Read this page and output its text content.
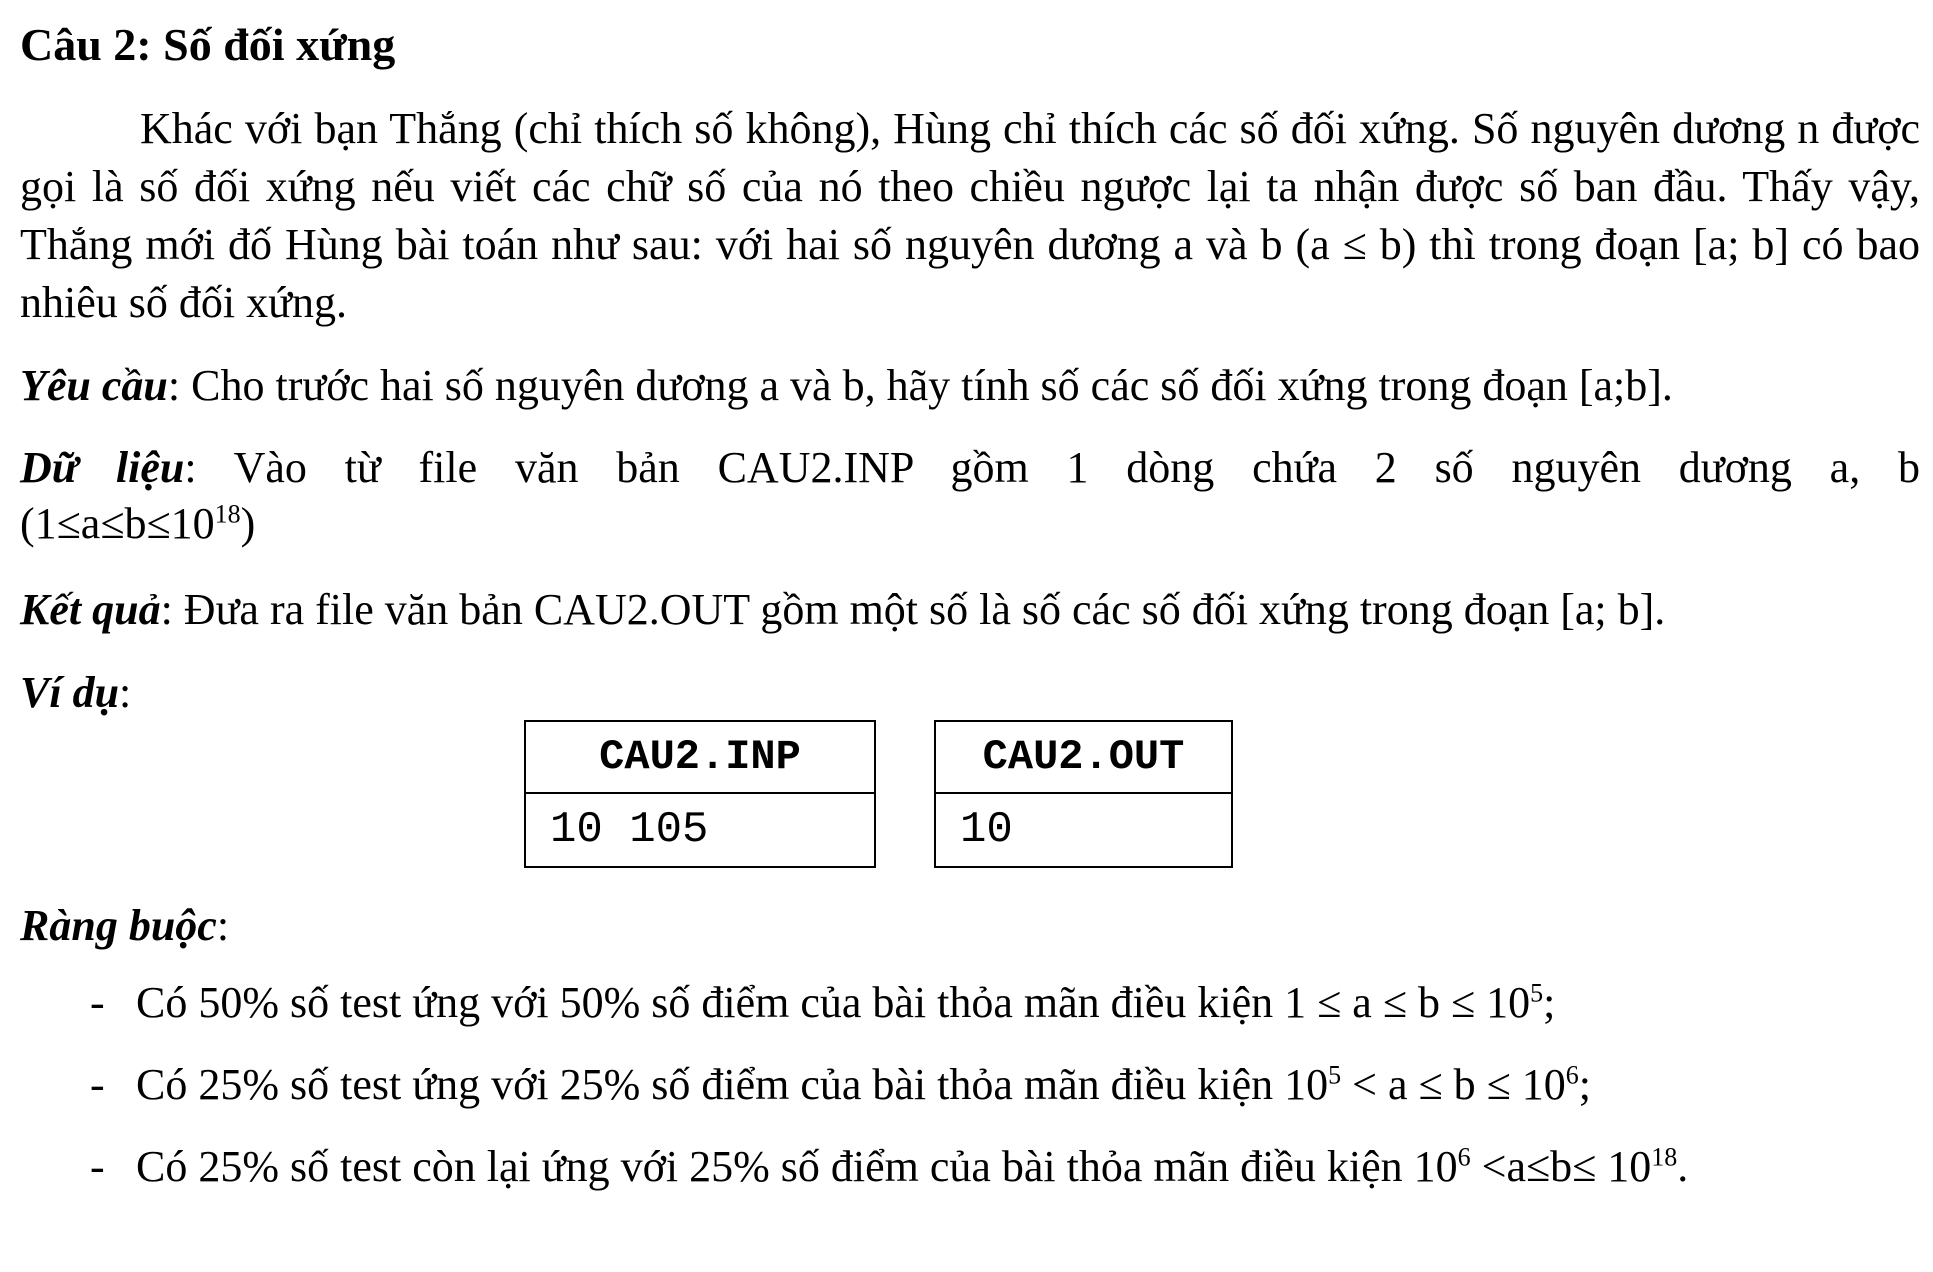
Câu 2: Số đối xứng

Khác với bạn Thắng (chỉ thích số không), Hùng chỉ thích các số đối xứng. Số nguyên dương n được gọi là số đối xứng nếu viết các chữ số của nó theo chiều ngược lại ta nhận được số ban đầu. Thấy vậy, Thắng mới đố Hùng bài toán như sau: với hai số nguyên dương a và b (a ≤ b) thì trong đoạn [a; b] có bao nhiêu số đối xứng.

Yêu cầu: Cho trước hai số nguyên dương a và b, hãy tính số các số đối xứng trong đoạn [a;b].

Dữ liệu: Vào từ file văn bản CAU2.INP gồm 1 dòng chứa 2 số nguyên dương a, b
$(1\le a\le b\le 10^{18})$

Kết quả: Đưa ra file văn bản CAU2.OUT gồm một số là số các số đối xứng trong đoạn [a; b].

Ví dụ:

CAU2.INP
10 105
CAU2.OUT
10

Ràng buộc:

- Có 50% số test ứng với 50% số điểm của bài thỏa mãn điều kiện $1 \le a \le b \le 10^5$;
- Có 25% số test ứng với 25% số điểm của bài thỏa mãn điều kiện $10^5 < a \le b \le 10^6$;
- Có 25% số test còn lại ứng với 25% số điểm của bài thỏa mãn điều kiện $10^6 <a\le b\le 10^{18}$.
